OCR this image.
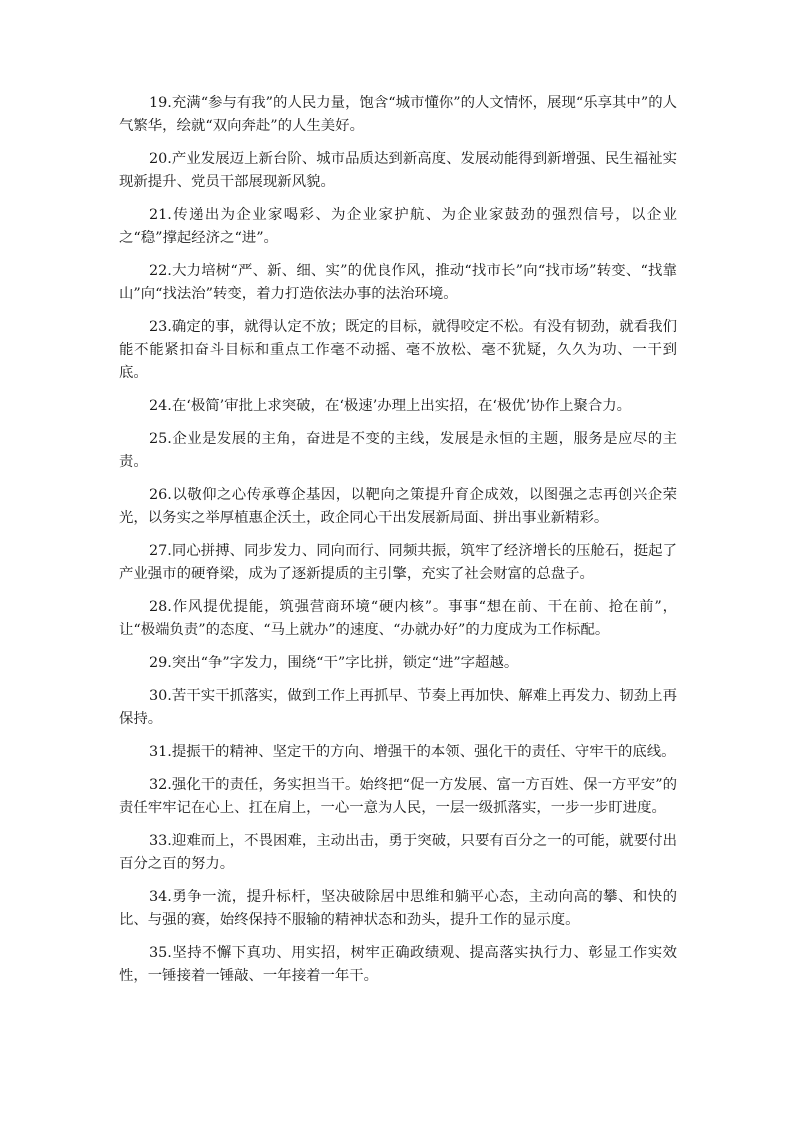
19.充满“参与有我”的人民力量，饱含“城市懂你”的人文情怀，展现“乐享其中”的人气繁华，绘就“双向奔赴”的人生美好。

20.产业发展迈上新台阶、城市品质达到新高度、发展动能得到新增强、民生福祉实现新提升、党员干部展现新风貌。

21.传递出为企业家喝彩、为企业家护航、为企业家鼓劲的强烈信号，以企业之“稳”撑起经济之“进”。

22.大力培树“严、新、细、实”的优良作风，推动“找市长”向“找市场”转变、“找靠山”向“找法治”转变，着力打造依法办事的法治环境。

23.确定的事，就得认定不放；既定的目标，就得咬定不松。有没有韧劲，就看我们能不能紧扣奋斗目标和重点工作毫不动摇、毫不放松、毫不犹疑，久久为功、一干到底。

24.在‘极简’审批上求突破，在‘极速’办理上出实招，在‘极优’协作上聚合力。

25.企业是发展的主角，奋进是不变的主线，发展是永恒的主题，服务是应尽的主责。

26.以敬仰之心传承尊企基因，以靶向之策提升育企成效，以图强之志再创兴企荣光，以务实之举厚植惠企沃土，政企同心干出发展新局面、拼出事业新精彩。

27.同心拼搏、同步发力、同向而行、同频共振，筑牢了经济增长的压舱石，挺起了产业强市的硬脊梁，成为了逐新提质的主引擎，充实了社会财富的总盘子。

28.作风提优提能，筑强营商环境“硬内核”。事事“想在前、干在前、抢在前”，让“极端负责”的态度、“马上就办”的速度、“办就办好”的力度成为工作标配。

29.突出“争”字发力，围绕“干”字比拼，锁定“进”字超越。

30.苦干实干抓落实，做到工作上再抓早、节奏上再加快、解难上再发力、韧劲上再保持。

31.提振干的精神、坚定干的方向、增强干的本领、强化干的责任、守牢干的底线。

32.强化干的责任，务实担当干。始终把“促一方发展、富一方百姓、保一方平安”的责任牢牢记在心上、扛在肩上，一心一意为人民，一层一级抓落实，一步一步盯进度。

33.迎难而上，不畏困难，主动出击，勇于突破，只要有百分之一的可能，就要付出百分之百的努力。

34.勇争一流，提升标杆，坚决破除居中思维和躺平心态，主动向高的攀、和快的比、与强的赛，始终保持不服输的精神状态和劲头，提升工作的显示度。

35.坚持不懈下真功、用实招，树牢正确政绩观、提高落实执行力、彰显工作实效性，一锤接着一锤敲、一年接着一年干。
